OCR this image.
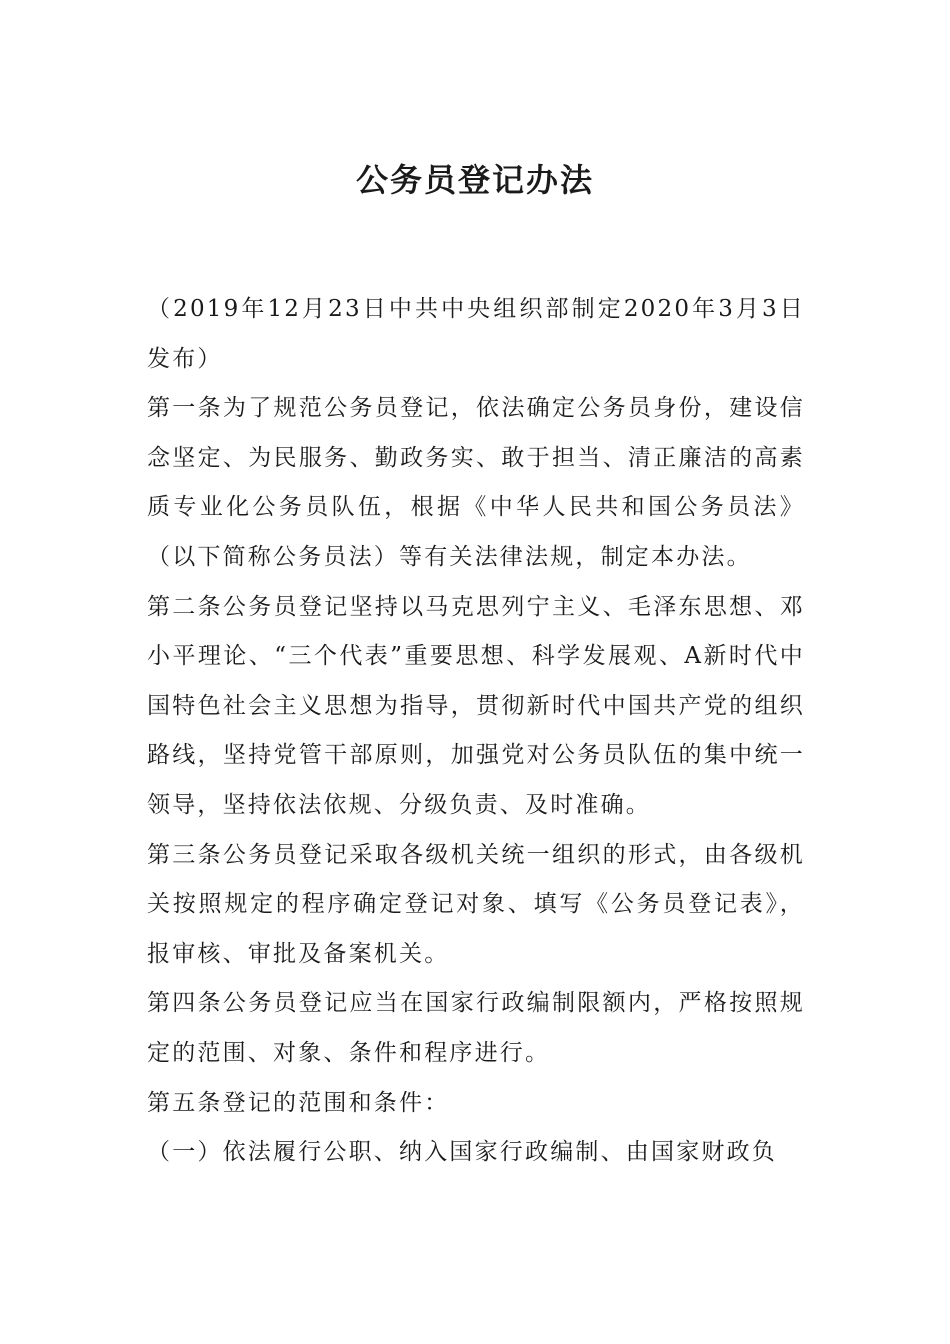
公务员登记办法

（2019年12月23日中共中央组织部制定2020年3月3日发布）

第一条为了规范公务员登记，依法确定公务员身份，建设信念坚定、为民服务、勤政务实、敢于担当、清正廉洁的高素质专业化公务员队伍，根据《中华人民共和国公务员法》（以下简称公务员法）等有关法律法规，制定本办法。

第二条公务员登记坚持以马克思列宁主义、毛泽东思想、邓小平理论、“三个代表”重要思想、科学发展观、A新时代中国特色社会主义思想为指导，贯彻新时代中国共产党的组织路线，坚持党管干部原则，加强党对公务员队伍的集中统一领导，坚持依法依规、分级负责、及时准确。

第三条公务员登记采取各级机关统一组织的形式，由各级机关按照规定的程序确定登记对象、填写《公务员登记表》，报审核、审批及备案机关。

第四条公务员登记应当在国家行政编制限额内，严格按照规定的范围、对象、条件和程序进行。

第五条登记的范围和条件：

（一）依法履行公职、纳入国家行政编制、由国家财政负
